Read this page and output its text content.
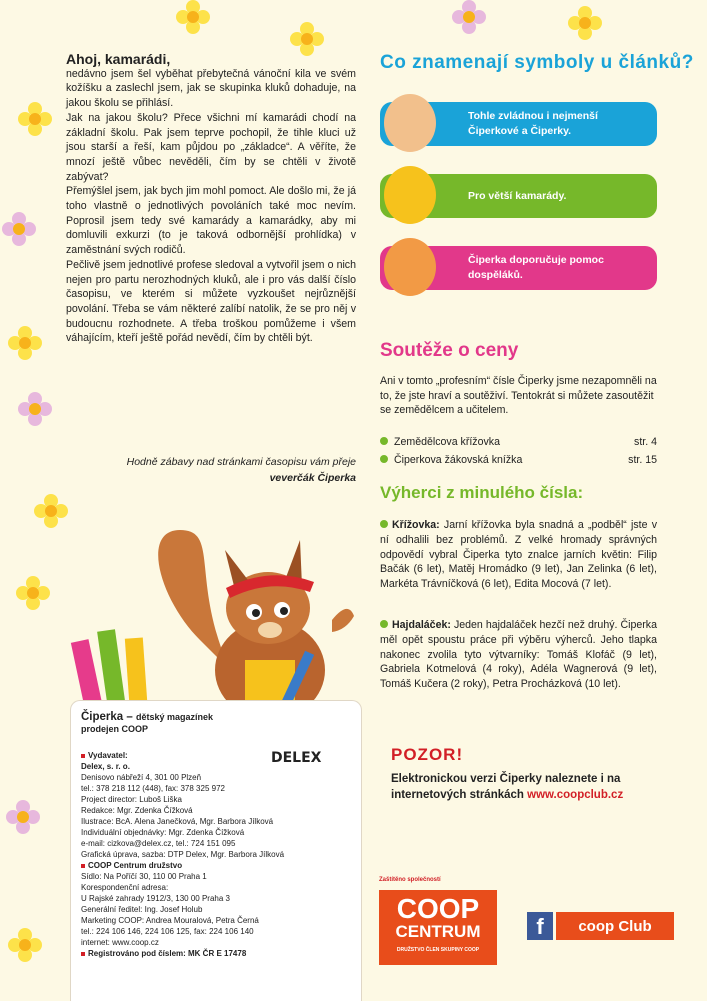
Ahoj, kamarádi,

nedávno jsem šel vyběhat přebytečná vánoční kila ve svém kožíšku a zaslechl jsem, jak se skupinka kluků dohaduje, na jakou školu se přihlásí.

Jak na jakou školu? Přece všichni mí kamarádi chodí na základní školu. Pak jsem teprve pochopil, že tihle kluci už jsou starší a řeší, kam půjdou po „základce“. A věříte, že mnozí ještě vůbec nevěděli, čím by se chtěli v životě zabývat?

Přemýšlel jsem, jak bych jim mohl pomoct. Ale došlo mi, že já toho vlastně o jednotlivých povoláních také moc nevím. Poprosil jsem tedy své kamarády a kamarádky, aby mi domluvili exkurzi (to je taková odbornější prohlídka) v zaměstnání svých rodičů.

Pečlivě jsem jednotlivé profese sledoval a vytvořil jsem o nich nejen pro partu nerozhodných kluků, ale i pro vás další číslo časopisu, ve kterém si můžete vyzkoušet nejrůznější povolání. Třeba se vám některé zalíbí natolik, že se pro něj v budoucnu rozhodnete. A třeba troškou pomůžeme i všem váhajícím, kteří ještě pořád nevědí, čím by chtěli být.

Hodně zábavy nad stránkami časopisu vám přeje
veverčák Čiperka
Co znamenají symboly u článků?
Tohle zvládnou i nejmenší Čiperkové a Čiperky.
Pro větší kamarády.
Čiperka doporučuje pomoc dospěláků.
Soutěže o ceny
Ani v tomto „profesním“ čísle Čiperky jsme nezapomněli na to, že jste hraví a soutěživí. Tentokrát si můžete zasoutěžit se zemědělcem a učitelem.
Zemědělcova křížovka	str. 4
Čiperkova žákovská knížka	str. 15
Výherci z minulého čísla:
Křížovka: Jarní křížovka byla snadná a „podběl“ jste v ní odhalili bez problémů. Z velké hromady správných odpovědí vybral Čiperka tyto znalce jarních květin: Filip Bačák (6 let), Matěj Hromádko (9 let), Jan Zelinka (6 let), Markéta Trávníčková (6 let), Edita Mocová (7 let).
Hajdaláček: Jeden hajdaláček hezčí než druhý. Čiperka měl opět spoustu práce při výběru výherců. Jeho tlapka nakonec zvolila tyto výtvarníky: Tomáš Klofáč (9 let), Gabriela Kotmelová (4 roky), Adéla Wagnerová (9 let), Tomáš Kučera (2 roky), Petra Procházková (10 let).
Čiperka – dětský magazínek
prodejen COOP
DELEX
Vydavatel:
Delex, s. r. o.
Denisovo nábřeží 4, 301 00 Plzeň
tel.: 378 218 112 (448), fax: 378 325 972
Project director: Luboš Liška
Redakce: Mgr. Zdenka Čížková
Ilustrace: BcA. Alena Janečková, Mgr. Barbora Jílková
Individuální objednávky: Mgr. Zdenka Čížková
e-mail: cizkova@delex.cz, tel.: 724 151 095
Grafická úprava, sazba: DTP Delex, Mgr. Barbora Jílková
COOP Centrum družstvo
Sídlo: Na Poříčí 30, 110 00 Praha 1
Korespondenční adresa:
U Rajské zahrady 1912/3, 130 00 Praha 3
Generální ředitel: Ing. Josef Holub
Marketing COOP: Andrea Mouralová, Petra Černá
tel.: 224 106 146, 224 106 125, fax: 224 106 140
internet: www.coop.cz
Registrováno pod číslem: MK ČR E 17478
POZOR!
Elektronickou verzi Čiperky naleznete i na internetových stránkách www.coopclub.cz
Zaštítěno společností
COOP
CENTRUM
DRUŽSTVO ČLEN SKUPINY COOP
f	coop Club
